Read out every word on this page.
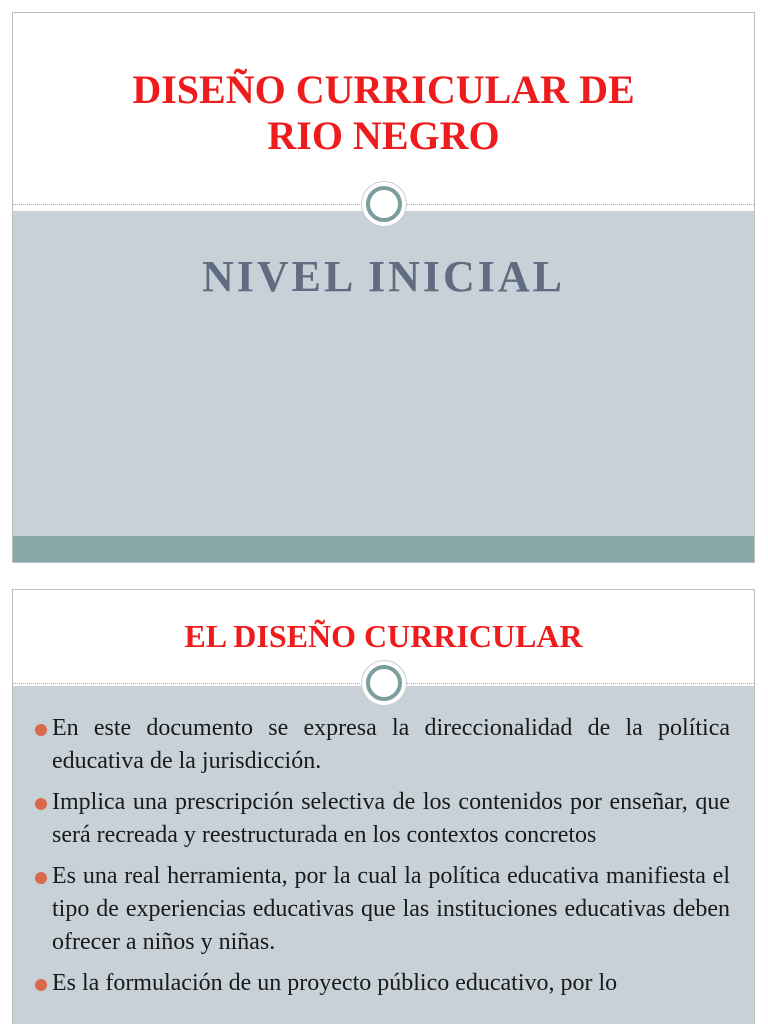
DISEÑO CURRICULAR DE
RIO NEGRO
NIVEL INICIAL
EL DISEÑO CURRICULAR
En este documento se expresa la direccionalidad de la política educativa de la jurisdicción.
Implica una prescripción selectiva de los contenidos por enseñar, que será recreada y reestructurada en los contextos concretos
Es una real herramienta, por la cual la política educativa manifiesta el tipo de experiencias educativas que las instituciones educativas deben ofrecer a niños y niñas.
Es la formulación de un proyecto público educativo, por lo
